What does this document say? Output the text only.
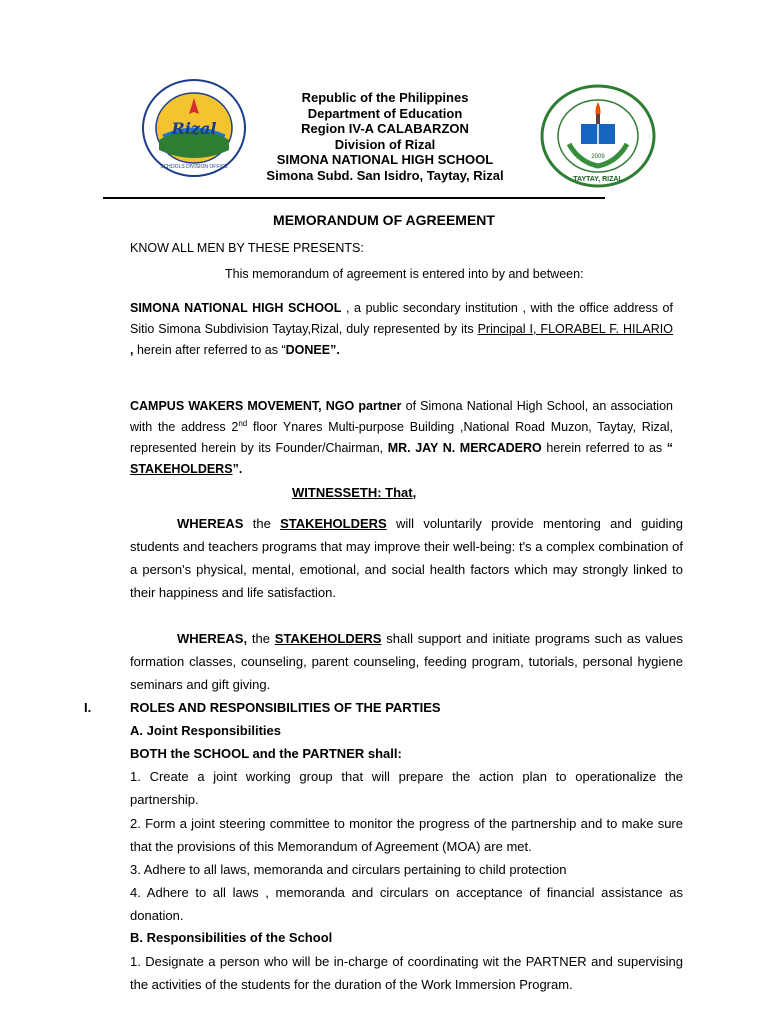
Rizal
SCHOOLS DIVISION OFFICE
2009
TAYTAY, RIZAL
Republic of the Philippines
Department of Education
Region IV-A CALABARZON
Division of Rizal
SIMONA NATIONAL HIGH SCHOOL
Simona Subd. San Isidro, Taytay, Rizal
MEMORANDUM OF AGREEMENT
KNOW ALL MEN BY THESE PRESENTS:
This memorandum of agreement is entered into by and between:
SIMONA NATIONAL HIGH SCHOOL , a public secondary institution , with the office address of Sitio Simona Subdivision Taytay,Rizal, duly represented by its Principal I, FLORABEL F. HILARIO , herein after referred to as “DONEE”.
CAMPUS WAKERS MOVEMENT, NGO partner of Simona National High School, an association with the address 2nd floor Ynares Multi-purpose Building ,National Road Muzon, Taytay, Rizal, represented herein by its Founder/Chairman, MR. JAY N. MERCADERO herein referred to as “ STAKEHOLDERS”.
WITNESSETH: That,
WHEREAS the STAKEHOLDERS will voluntarily provide mentoring and guiding students and teachers programs that may improve their well-being: t's a complex combination of a person's physical, mental, emotional, and social health factors which may strongly linked to their happiness and life satisfaction.
WHEREAS, the STAKEHOLDERS shall support and initiate programs such as values formation classes, counseling, parent counseling, feeding program, tutorials, personal hygiene seminars and gift giving.
I.	ROLES AND RESPONSIBILITIES OF THE PARTIES
A. Joint Responsibilities
BOTH the SCHOOL and the PARTNER shall:
1. Create a joint working group that will prepare the action plan to operationalize the partnership.
2. Form a joint steering committee to monitor the progress of the partnership and to make sure that the provisions of this Memorandum of Agreement (MOA) are met.
3. Adhere to all laws, memoranda and circulars pertaining to child protection
4. Adhere to all laws , memoranda and circulars on acceptance of financial assistance as donation.
B. Responsibilities of the School
1. Designate a person who will be in-charge of coordinating wit the PARTNER and supervising the activities of the students for the duration of the Work Immersion Program.
